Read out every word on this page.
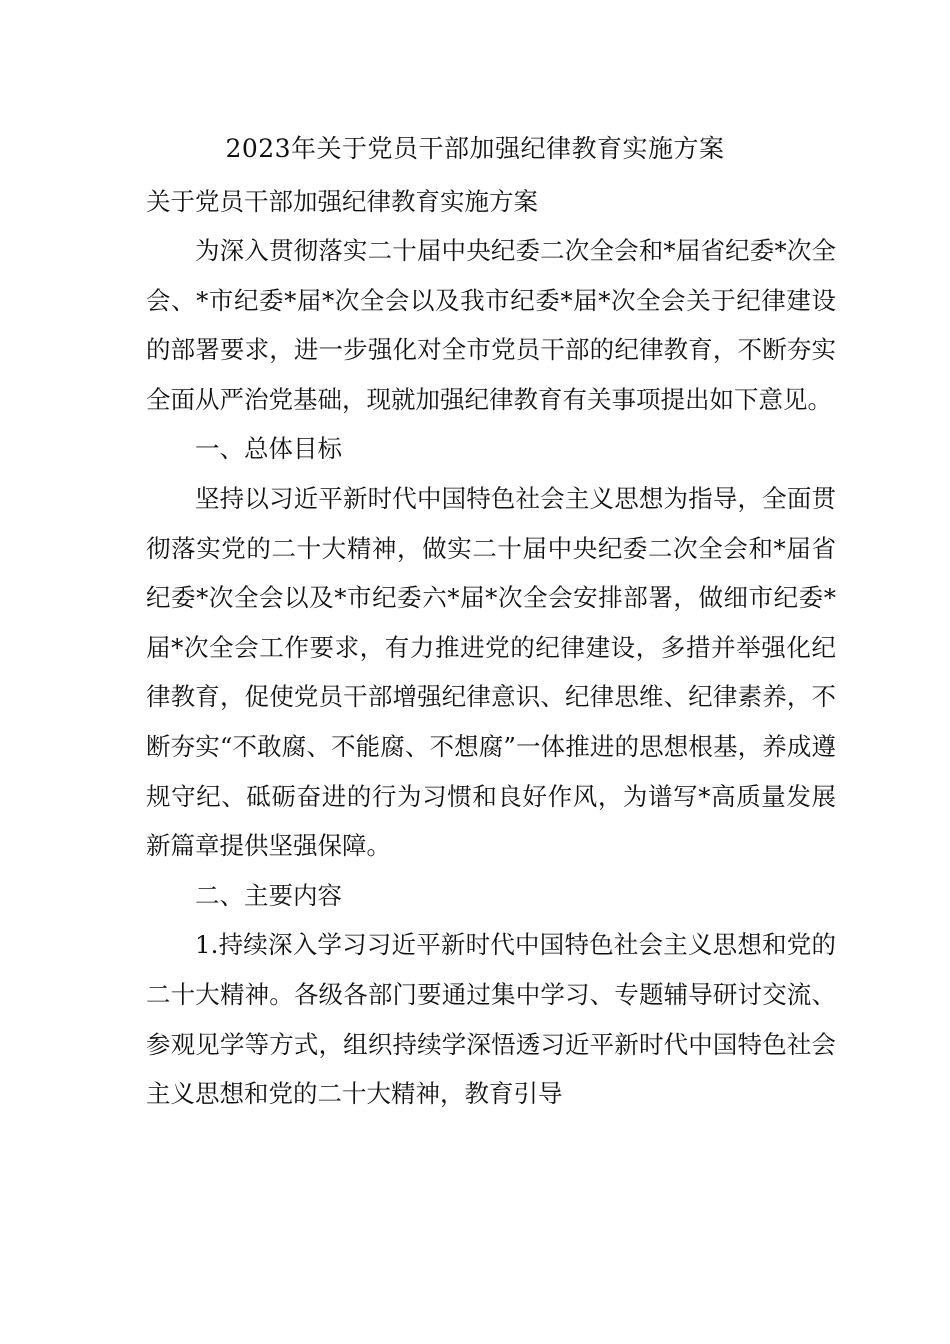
2023年关于党员干部加强纪律教育实施方案
关于党员干部加强纪律教育实施方案

为深入贯彻落实二十届中央纪委二次全会和*届省纪委*次全会、*市纪委*届*次全会以及我市纪委*届*次全会关于纪律建设的部署要求，进一步强化对全市党员干部的纪律教育，不断夯实全面从严治党基础，现就加强纪律教育有关事项提出如下意见。

一、总体目标

坚持以习近平新时代中国特色社会主义思想为指导，全面贯彻落实党的二十大精神，做实二十届中央纪委二次全会和*届省纪委*次全会以及*市纪委六*届*次全会安排部署，做细市纪委*届*次全会工作要求，有力推进党的纪律建设，多措并举强化纪律教育，促使党员干部增强纪律意识、纪律思维、纪律素养，不断夯实“不敢腐、不能腐、不想腐”一体推进的思想根基，养成遵规守纪、砥砺奋进的行为习惯和良好作风，为谱写*高质量发展新篇章提供坚强保障。

二、主要内容

1.持续深入学习习近平新时代中国特色社会主义思想和党的二十大精神。各级各部门要通过集中学习、专题辅导研讨交流、参观见学等方式，组织持续学深悟透习近平新时代中国特色社会主义思想和党的二十大精神，教育引导
